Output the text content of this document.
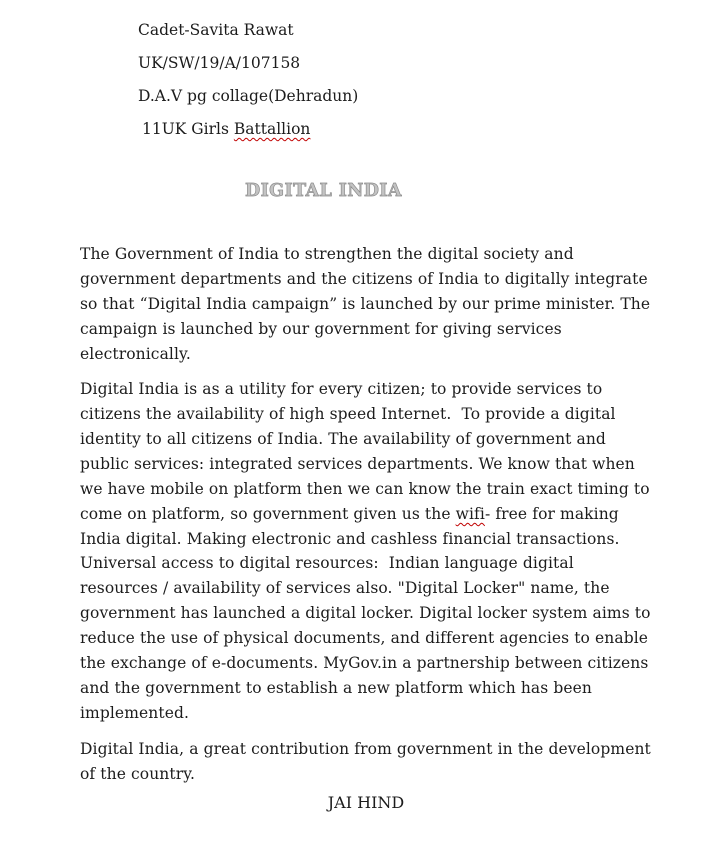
Cadet-Savita Rawat

UK/SW/19/A/107158

D.A.V pg collage(Dehradun)

11UK Girls Battallion

DIGITAL INDIA

The Government of India to strengthen the digital society and government departments and the citizens of India to digitally integrate so that “Digital India campaign” is launched by our prime minister. The campaign is launched by our government for giving services electronically.

Digital India is as a utility for every citizen; to provide services to citizens the availability of high speed Internet.  To provide a digital identity to all citizens of India. The availability of government and public services: integrated services departments. We know that when we have mobile on platform then we can know the train exact timing to come on platform, so government given us the wifi- free for making India digital. Making electronic and cashless financial transactions.

Universal access to digital resources:  Indian language digital resources / availability of services also. "Digital Locker" name, the government has launched a digital locker. Digital locker system aims to reduce the use of physical documents, and different agencies to enable the exchange of e-documents. MyGov.in a partnership between citizens and the government to establish a new platform which has been implemented.

Digital India, a great contribution from government in the development of the country.

JAI HIND
